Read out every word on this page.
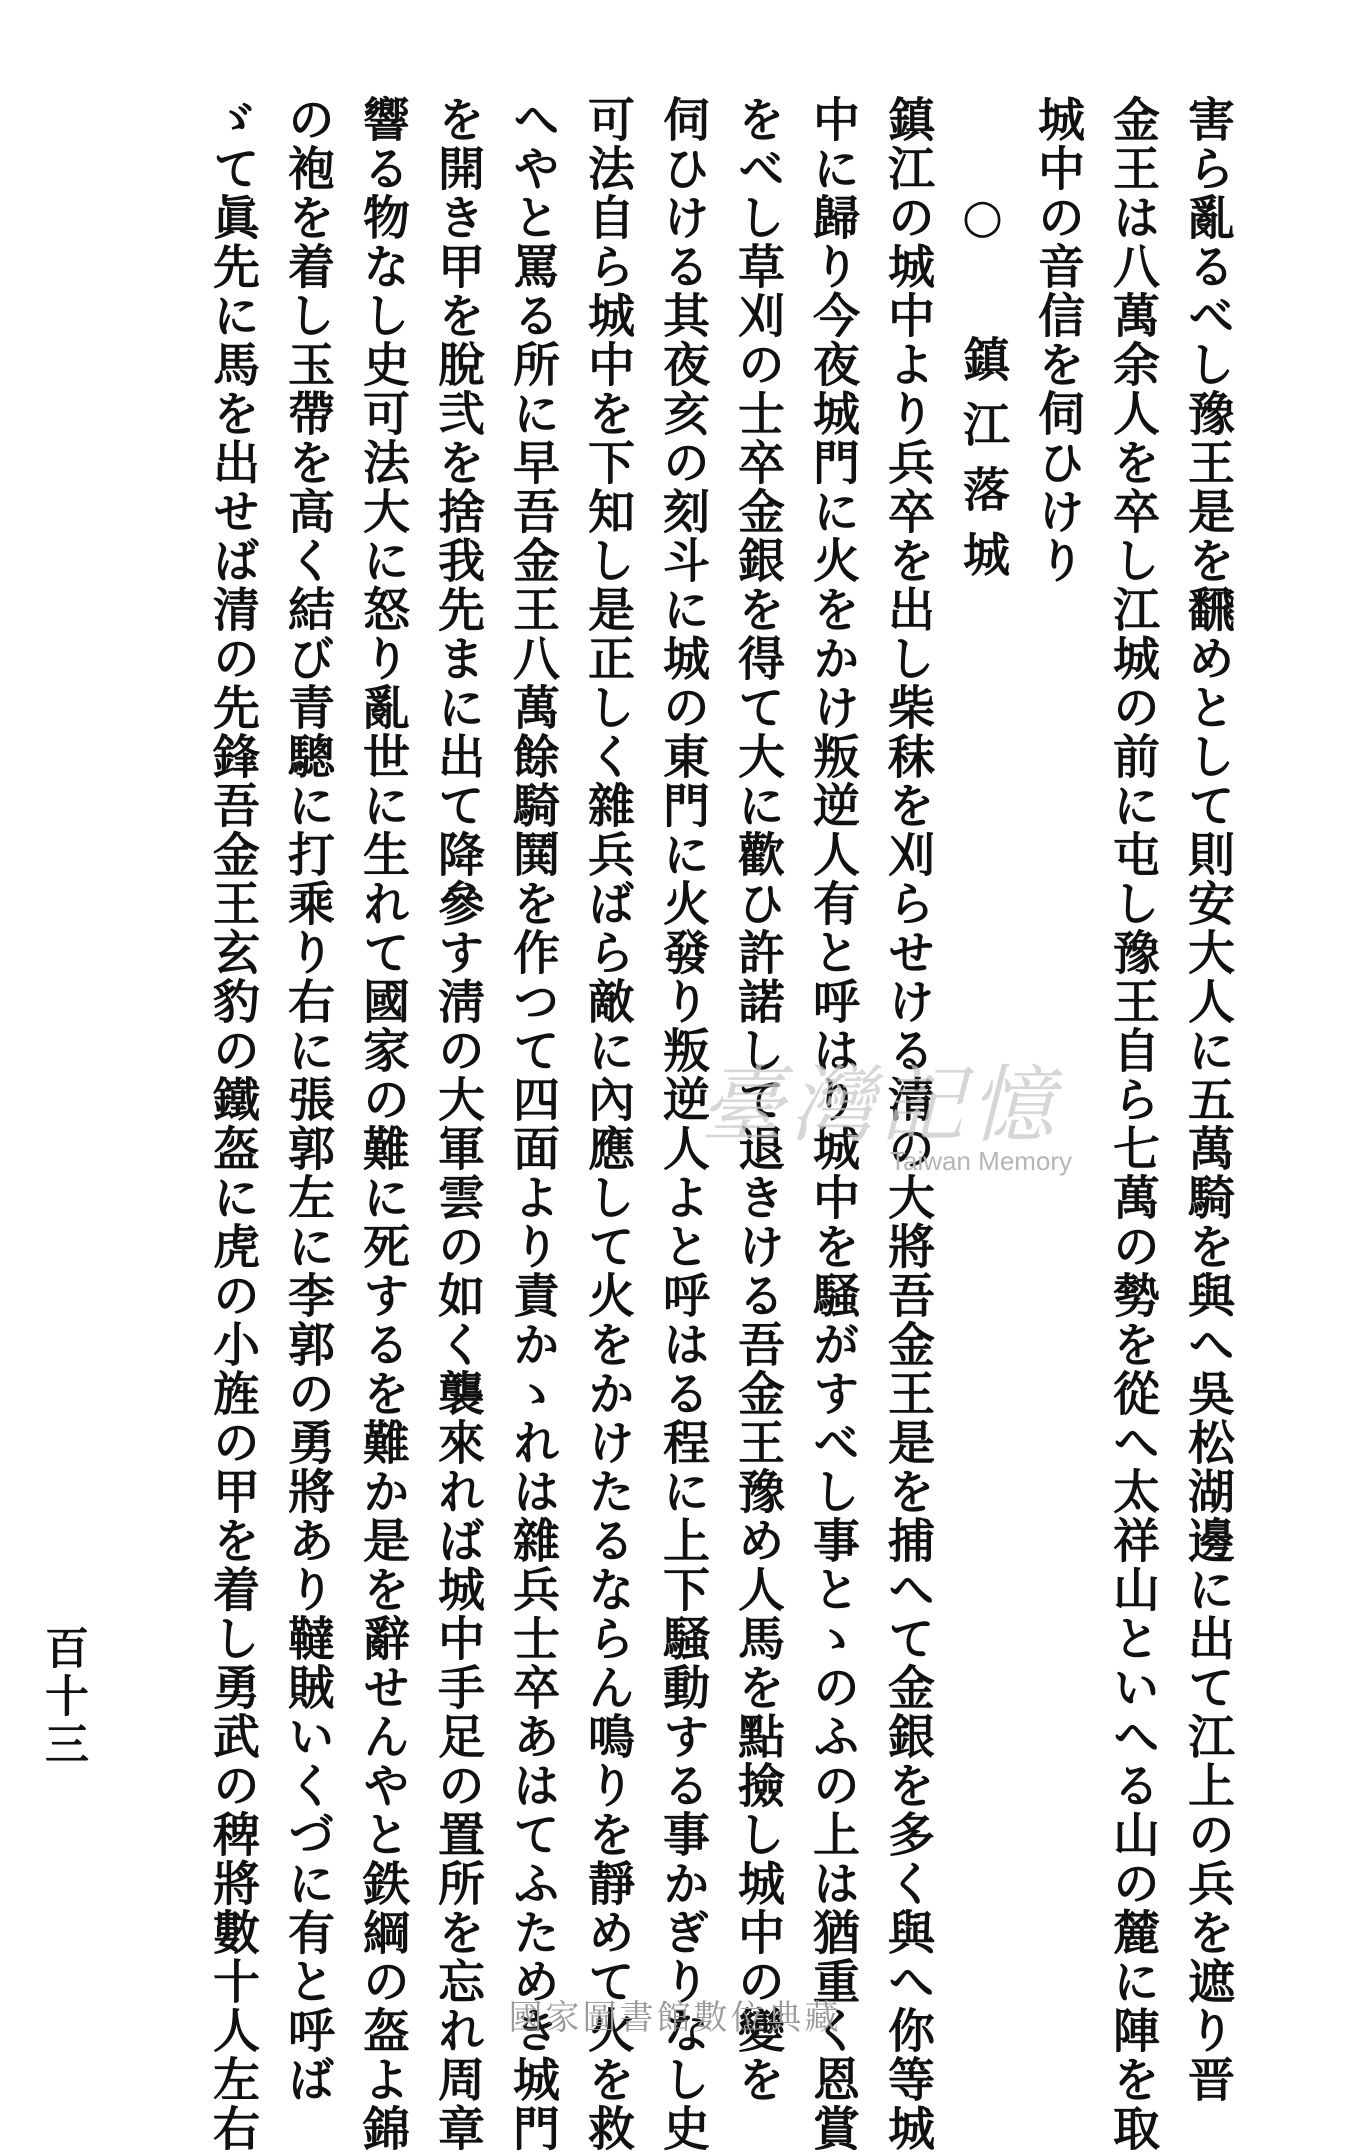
害ら亂るべし豫王是を飜めとして則安大人に五萬騎を與へ吳松湖邊に出て江上の兵を遮り晋
金王は八萬余人を卒し江城の前に屯し豫王自ら七萬の勢を從へ太祥山といへる山の麓に陣を取
城中の音信を伺ひけり
○ 鎮江落城
鎮江の城中より兵卒を出し柴秣を刈らせける清の大將吾金王是を捕へて金銀を多く與へ你等城
中に歸り今夜城門に火をかけ叛逆人有と呼はり城中を騒がすべし事とゝのふの上は猶重く恩賞
をべし草刈の士卒金銀を得て大に歡ひ許諾して退きける吾金王豫め人馬を點撿し城中の變を
伺ひける其夜亥の刻斗に城の東門に火發り叛逆人よと呼はる程に上下騒動する事かぎりなし史
可法自ら城中を下知し是正しく雜兵ばら敵に內應して火をかけたるならん鳴りを靜めて火を救
へやと罵る所に早吾金王八萬餘騎鬨を作つて四面より責かゝれは雜兵士卒あはてふためき城門
を開き甲を脫弐を捨我先まに出て降參す淸の大軍雲の如く襲來れば城中手足の置所を忘れ周章
響る物なし史可法大に怒り亂世に生れて國家の難に死するを難か是を辭せんやと鉄綱の盔よ錦
の袍を着し玉帶を高く結び青驄に打乘り右に張郭左に李郭の勇將あり韃賊いくづに有と呼ば
ゞて眞先に馬を出せば清の先鋒吾金王玄豹の鐵盔に虎の小旌の甲を着し勇武の稗將數十人左右
百十三
臺灣記憶
Taiwan Memory
國家圖書館數位典藏
